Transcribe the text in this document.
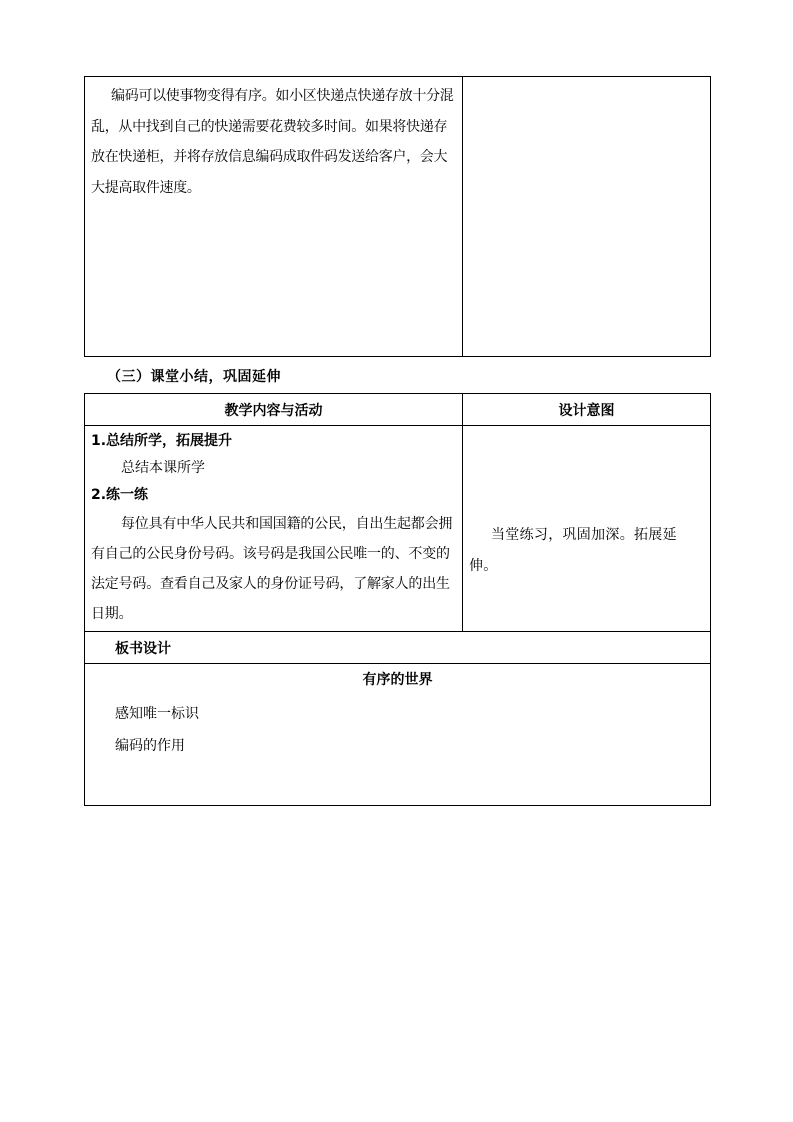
编码可以使事物变得有序。如小区快递点快递存放十分混乱，从中找到自己的快递需要花费较多时间。如果将快递存放在快递柜，并将存放信息编码成取件码发送给客户，会大大提高取件速度。

（三）课堂小结，巩固延伸
教学内容与活动	设计意图

1.总结所学，拓展提升
总结本课所学
2.练一练

每位具有中华人民共和国国籍的公民，自出生起都会拥有自己的公民身份号码。该号码是我国公民唯一的、不变的法定号码。查看自己及家人的身份证号码，了解家人的出生日期。	当堂练习，巩固加深。拓展延伸。

板书设计	

有序的世界
感知唯一标识
编码的作用	
